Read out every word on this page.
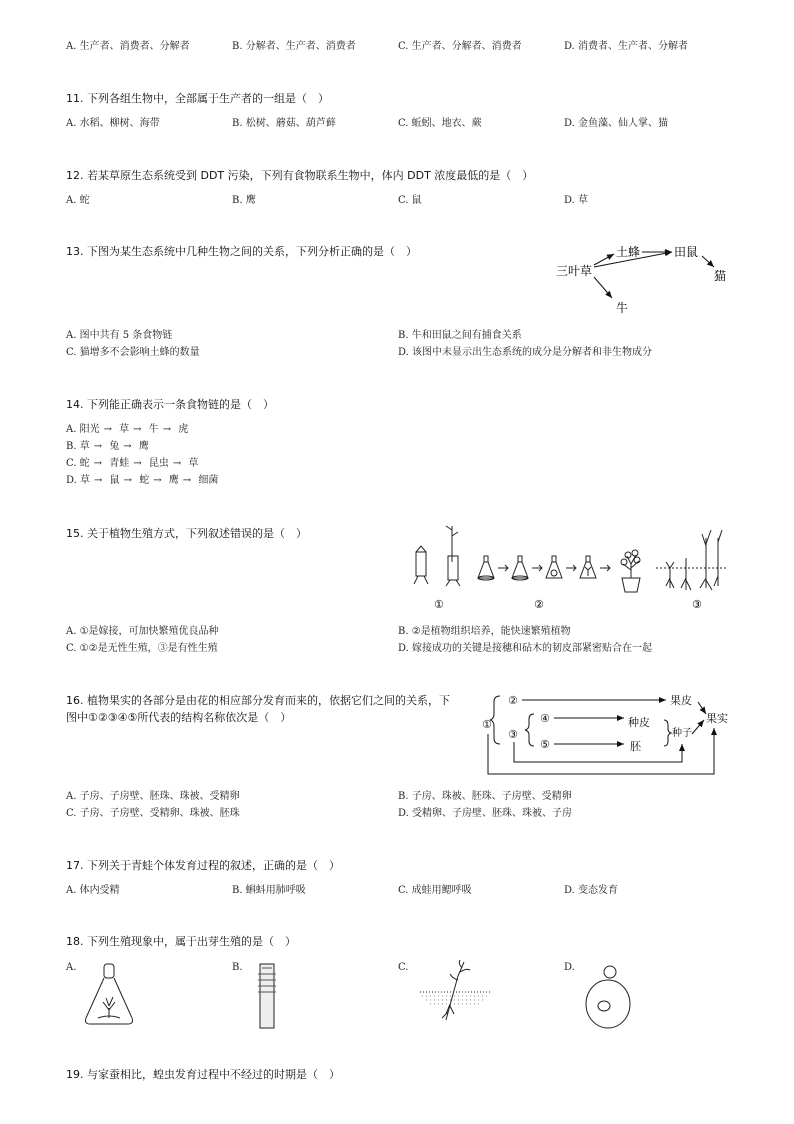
A. 生产者、消费者、分解者	B. 分解者、生产者、消费者	C. 生产者、分解者、消费者	D. 消费者、生产者、分解者
11. 下列各组生物中，全部属于生产者的一组是（　）
A. 水稻、柳树、海带	B. 松树、蘑菇、葫芦藓	C. 蚯蚓、地衣、蕨	D. 金鱼藻、仙人掌、猫
12. 若某草原生态系统受到 DDT 污染，下列有食物联系生物中，体内 DDT 浓度最低的是（　）
A. 蛇	B. 鹰	C. 鼠	D. 草
13. 下图为某生态系统中几种生物之间的关系，下列分析正确的是（　）
三叶草
土蜂	田鼠
猫
牛
A. 图中共有 5 条食物链	B. 牛和田鼠之间有捕食关系
C. 猫增多不会影响土蜂的数量	D. 该图中未显示出生态系统的成分是分解者和非生物成分
14. 下列能正确表示一条食物链的是（　）
A. 阳光 → 草 → 牛 → 虎
B. 草 → 兔 → 鹰
C. 蛇 → 青蛙 → 昆虫 → 草
D. 草 → 鼠 → 蛇 → 鹰 → 细菌
15. 关于植物生殖方式，下列叙述错误的是（　）
①	②	③
A. ①是嫁接，可加快繁殖优良品种	B. ②是植物组织培养，能快速繁殖植物
C. ①②是无性生殖，③是有性生殖	D. 嫁接成功的关键是接穗和砧木的韧皮部紧密贴合在一起
16. 植物果实的各部分是由花的相应部分发育而来的，依据它们之间的关系，下
图中①②③④⑤所代表的结构名称依次是（　）
①
②
③
④
⑤
果皮
种皮
胚
种子
果实
A. 子房、子房壁、胚珠、珠被、受精卵	B. 子房、珠被、胚珠、子房壁、受精卵
C. 子房、子房壁、受精卵、珠被、胚珠	D. 受精卵、子房壁、胚珠、珠被、子房
17. 下列关于青蛙个体发育过程的叙述，正确的是（　）
A. 体内受精	B. 蝌蚪用肺呼吸	C. 成蛙用鳃呼吸	D. 变态发育
18. 下列生殖现象中，属于出芽生殖的是（　）
A.	B.	C.	D.
19. 与家蚕相比，蝗虫发育过程中不经过的时期是（　）
